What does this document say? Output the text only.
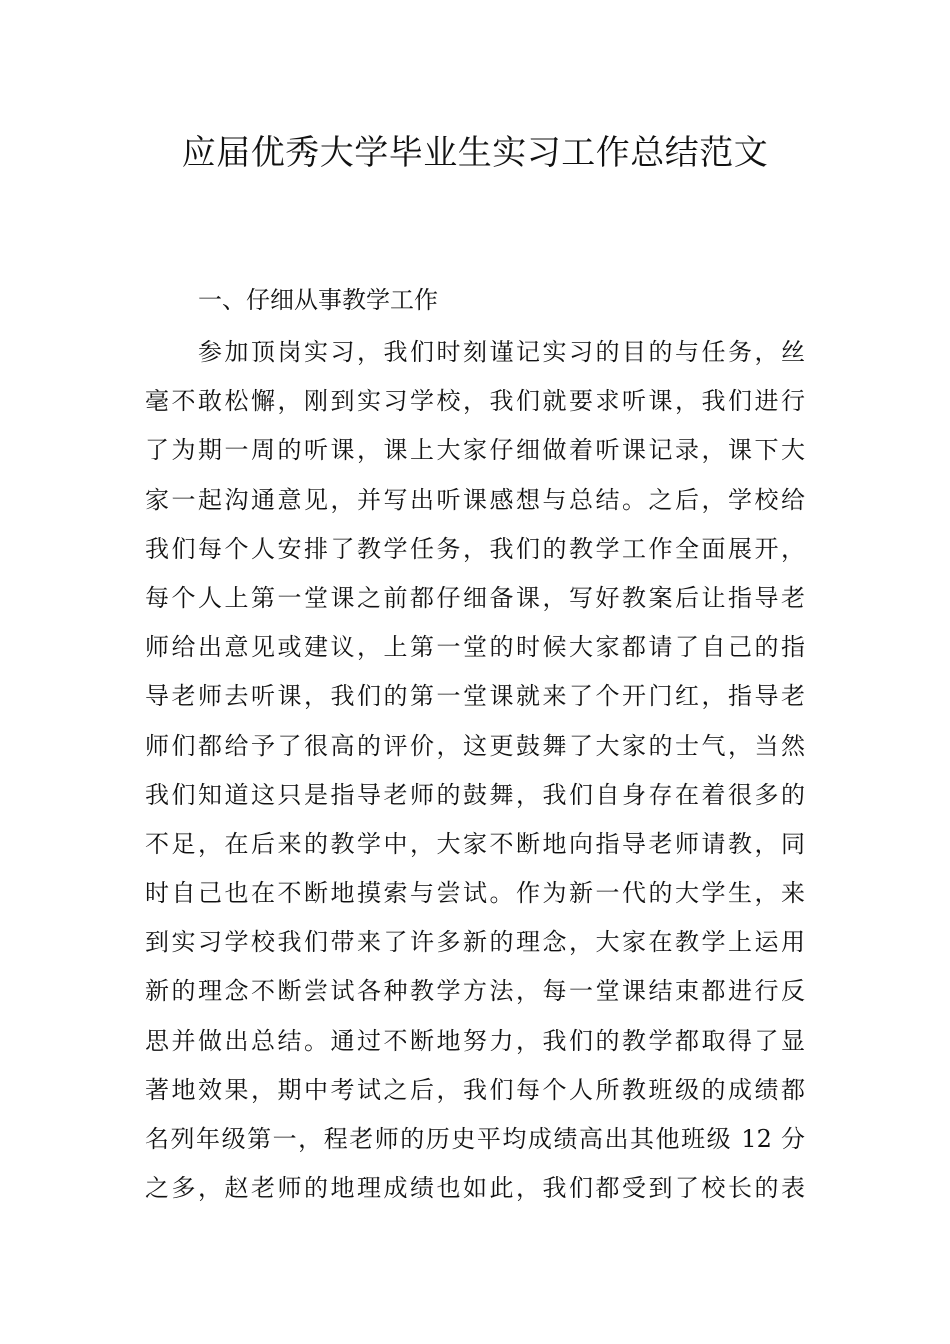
应届优秀大学毕业生实习工作总结范文

一、仔细从事教学工作

参加顶岗实习，我们时刻谨记实习的目的与任务，丝
毫不敢松懈，刚到实习学校，我们就要求听课，我们进行
了为期一周的听课，课上大家仔细做着听课记录，课下大
家一起沟通意见，并写出听课感想与总结。之后，学校给
我们每个人安排了教学任务，我们的教学工作全面展开，
每个人上第一堂课之前都仔细备课，写好教案后让指导老
师给出意见或建议，上第一堂的时候大家都请了自己的指
导老师去听课，我们的第一堂课就来了个开门红，指导老
师们都给予了很高的评价，这更鼓舞了大家的士气，当然
我们知道这只是指导老师的鼓舞，我们自身存在着很多的
不足，在后来的教学中，大家不断地向指导老师请教，同
时自己也在不断地摸索与尝试。作为新一代的大学生，来
到实习学校我们带来了许多新的理念，大家在教学上运用
新的理念不断尝试各种教学方法，每一堂课结束都进行反
思并做出总结。通过不断地努力，我们的教学都取得了显
著地效果，期中考试之后，我们每个人所教班级的成绩都
名列年级第一，程老师的历史平均成绩高出其他班级 12 分
之多，赵老师的地理成绩也如此，我们都受到了校长的表
